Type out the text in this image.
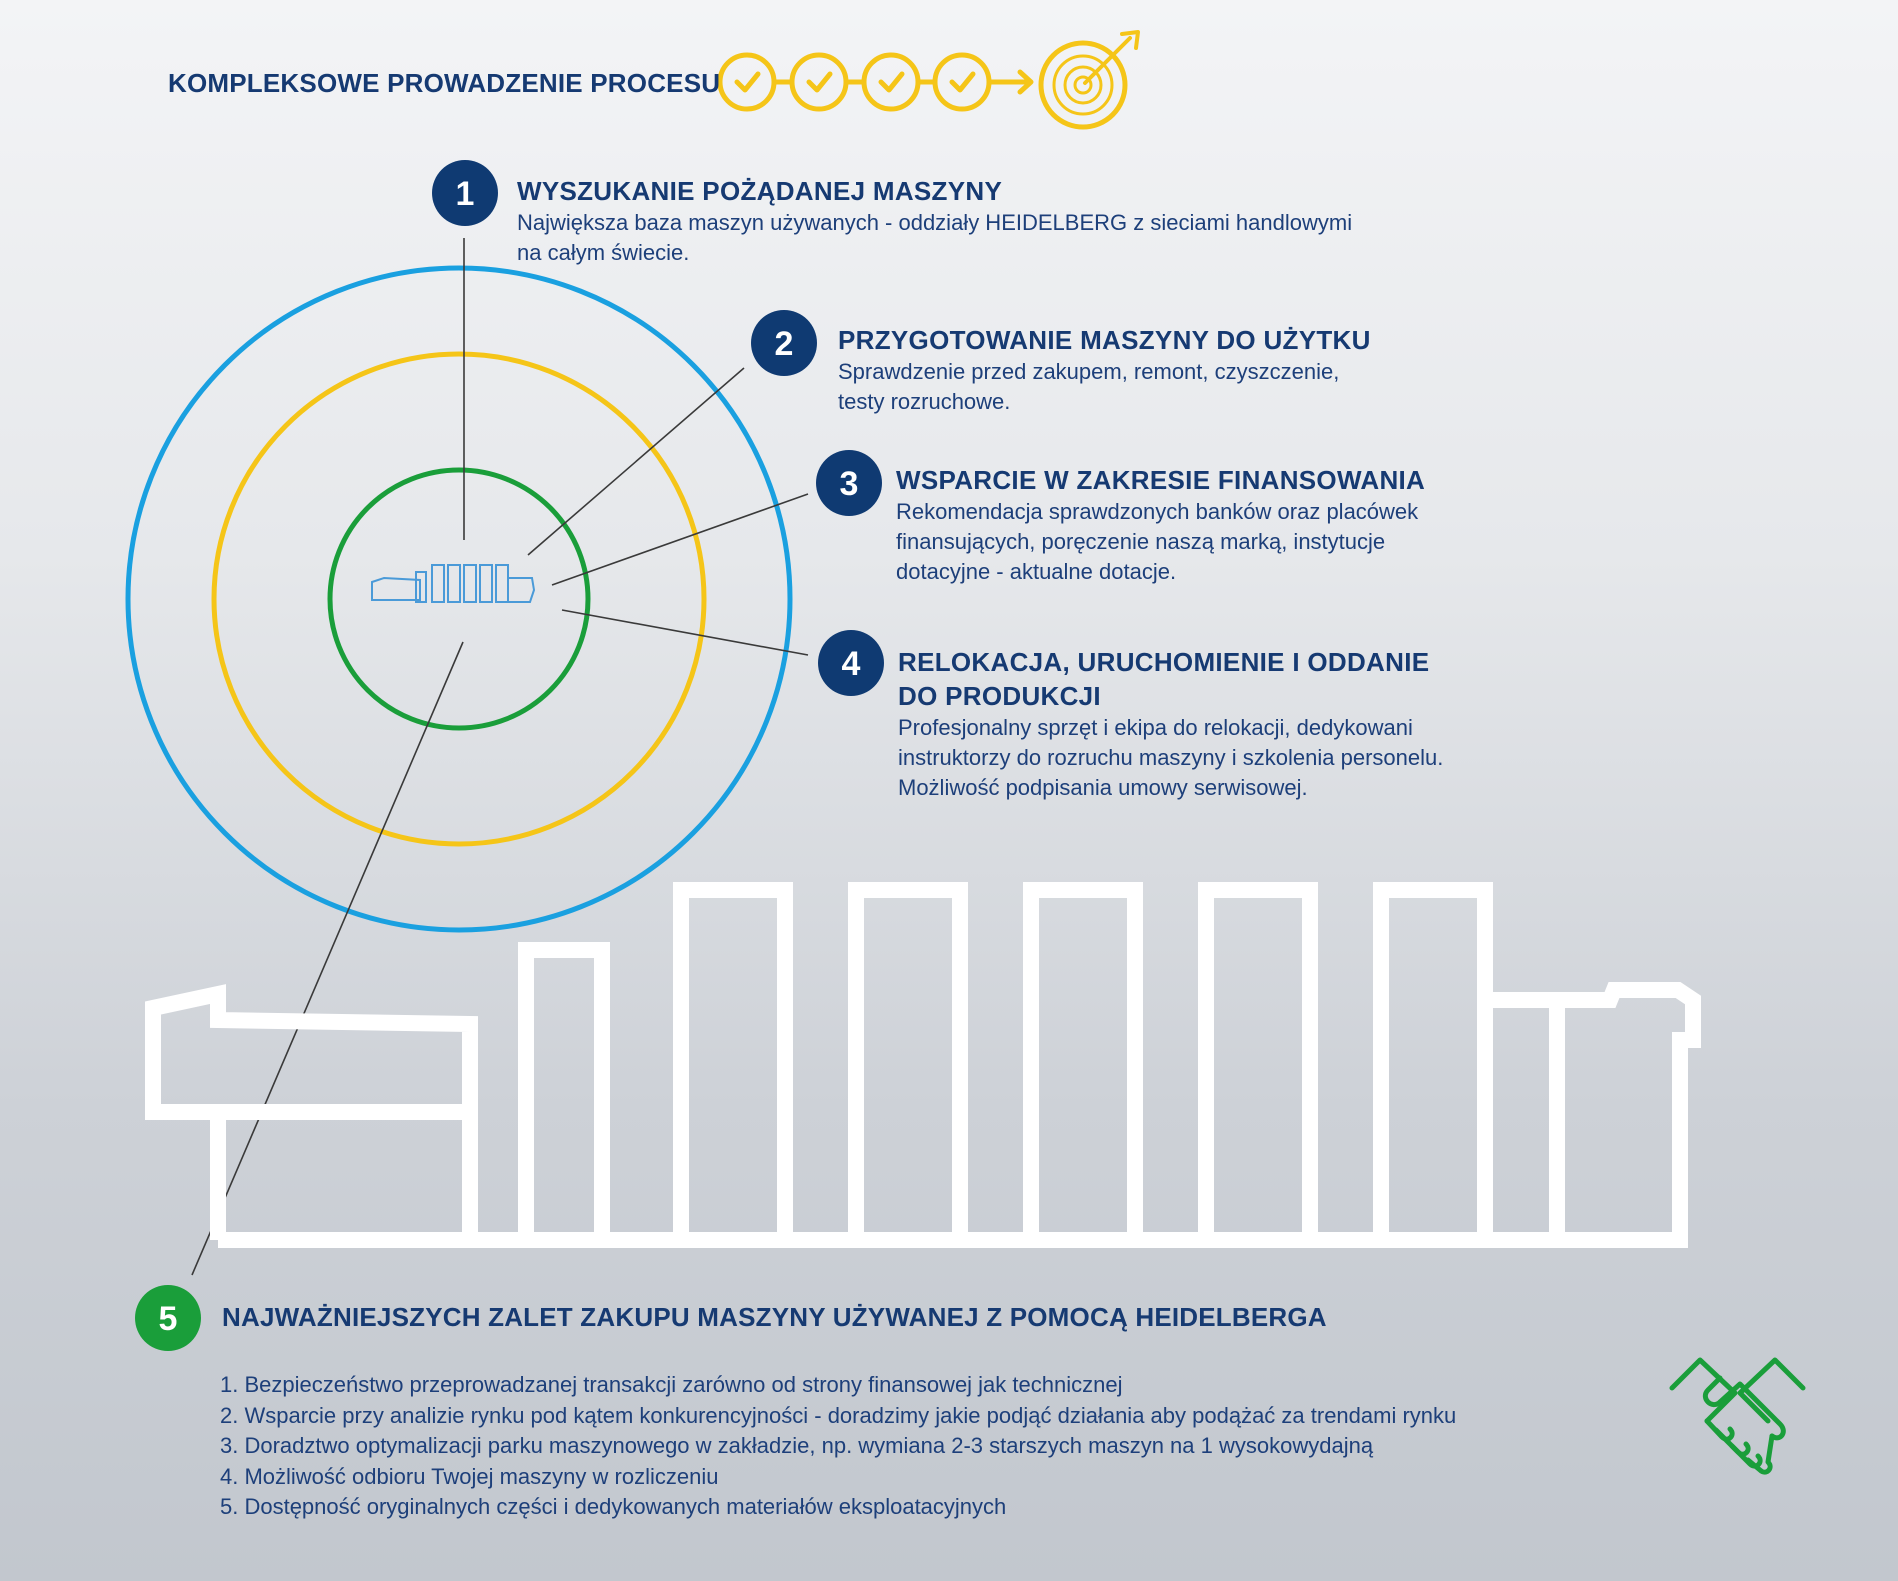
1
2
3
4
5
KOMPLEKSOWE PROWADZENIE PROCESU
WYSZUKANIE POŻĄDANEJ MASZYNY
Największa baza maszyn używanych - oddziały HEIDELBERG z sieciami handlowymi
na całym świecie.
PRZYGOTOWANIE MASZYNY DO UŻYTKU
Sprawdzenie przed zakupem, remont, czyszczenie,
testy rozruchowe.
WSPARCIE W ZAKRESIE FINANSOWANIA
Rekomendacja sprawdzonych banków oraz placówek
finansujących, poręczenie naszą marką, instytucje
dotacyjne - aktualne dotacje.
RELOKACJA, URUCHOMIENIE I ODDANIE
DO PRODUKCJI
Profesjonalny sprzęt i ekipa do relokacji, dedykowani
instruktorzy do rozruchu maszyny i szkolenia personelu.
Możliwość podpisania umowy serwisowej.
NAJWAŻNIEJSZYCH ZALET ZAKUPU MASZYNY UŻYWANEJ Z POMOCĄ HEIDELBERGA
1. Bezpieczeństwo przeprowadzanej transakcji zarówno od strony finansowej jak technicznej
2. Wsparcie przy analizie rynku pod kątem konkurencyjności - doradzimy jakie podjąć działania aby podążać za trendami rynku
3. Doradztwo optymalizacji parku maszynowego w zakładzie, np. wymiana 2-3 starszych maszyn na 1 wysokowydajną
4. Możliwość odbioru Twojej maszyny w rozliczeniu
5. Dostępność oryginalnych części i dedykowanych materiałów eksploatacyjnych
